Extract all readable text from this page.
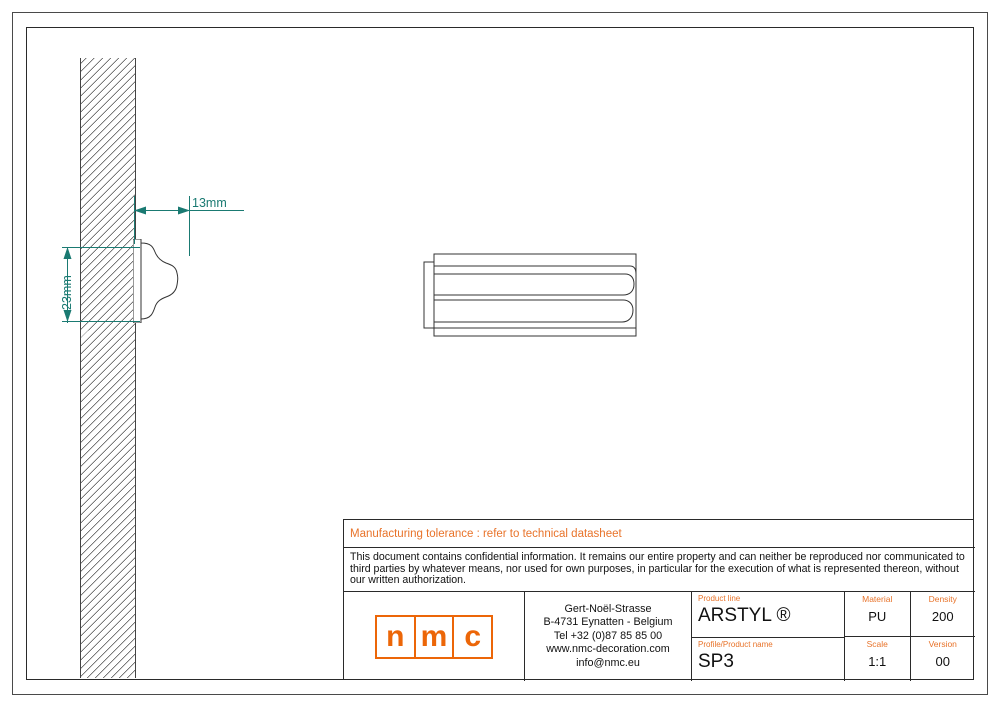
13mm
23mm
Manufacturing tolerance : refer to technical datasheet
This document contains confidential information. It remains our entire property and can neither be reproduced nor communicated to third parties by whatever means, nor used for own purposes, in particular for the execution of what is represented thereon, without our written authorization.
n m c
Gert-Noël-Strasse
B-4731 Eynatten - Belgium
Tel +32 (0)87 85 85 00
www.nmc-decoration.com
info@nmc.eu
Product line
ARSTYL ®
Profile/Product name
SP3
Material
PU
Density
200
Scale
1:1
Version
00
